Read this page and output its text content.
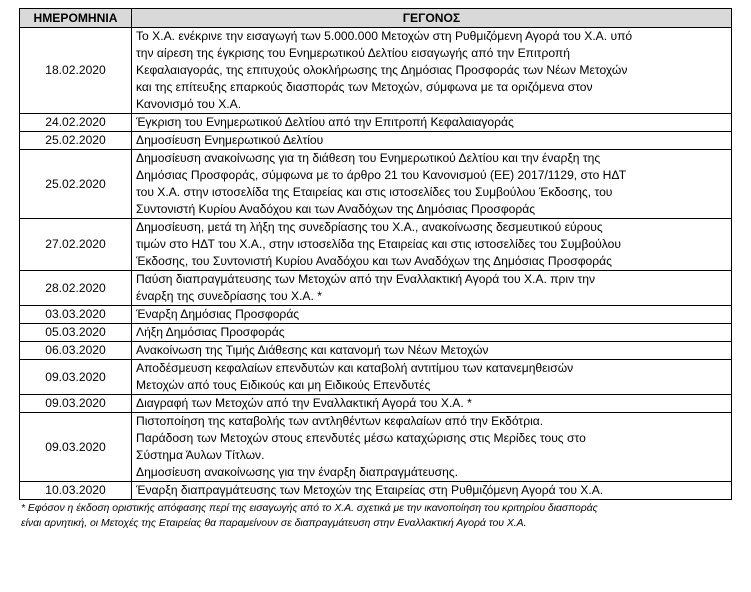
ΗΜΕΡΟΜΗΝΙΑ	ΓΕΓΟΝΟΣ
18.02.2020	Το Χ.Α. ενέκρινε την εισαγωγή των 5.000.000 Μετοχών στη Ρυθμιζόμενη Αγορά του Χ.Α. υπό
την αίρεση της έγκρισης του Ενημερωτικού Δελτίου εισαγωγής από την Επιτροπή
Κεφαλαιαγοράς, της επιτυχούς ολοκλήρωσης της Δημόσιας Προσφοράς των Νέων Μετοχών
και της επίτευξης επαρκούς διασποράς των Μετοχών, σύμφωνα με τα οριζόμενα στον
Κανονισμό του Χ.Α.

24.02.2020	Έγκριση του Ενημερωτικού Δελτίου από την Επιτροπή Κεφαλαιαγοράς

25.02.2020	Δημοσίευση Ενημερωτικού Δελτίου

25.02.2020	Δημοσίευση ανακοίνωσης για τη διάθεση του Ενημερωτικού Δελτίου και την έναρξη της
Δημόσιας Προσφοράς, σύμφωνα με το άρθρο 21 του Κανονισμού (ΕΕ) 2017/1129, στο ΗΔΤ
του Χ.Α. στην ιστοσελίδα της Εταιρείας και στις ιστοσελίδες του Συμβούλου Έκδοσης, του
Συντονιστή Κυρίου Αναδόχου και των Αναδόχων της Δημόσιας Προσφοράς

27.02.2020	Δημοσίευση, μετά τη λήξη της συνεδρίασης του Χ.Α., ανακοίνωσης δεσμευτικού εύρους
τιμών στο ΗΔΤ του Χ.Α., στην ιστοσελίδα της Εταιρείας και στις ιστοσελίδες του Συμβούλου
Έκδοσης, του Συντονιστή Κυρίου Αναδόχου και των Αναδόχων της Δημόσιας Προσφοράς

28.02.2020	Παύση διαπραγμάτευσης των Μετοχών από την Εναλλακτική Αγορά του Χ.Α. πριν την
έναρξη της συνεδρίασης του Χ.Α. *

03.03.2020	Έναρξη Δημόσιας Προσφοράς

05.03.2020	Λήξη Δημόσιας Προσφοράς

06.03.2020	Ανακοίνωση της Τιμής Διάθεσης και κατανομή των Νέων Μετοχών

09.03.2020	Αποδέσμευση κεφαλαίων επενδυτών και καταβολή αντιτίμου των κατανεμηθεισών
Μετοχών από τους Ειδικούς και μη Ειδικούς Επενδυτές

09.03.2020	Διαγραφή των Μετοχών από την Εναλλακτική Αγορά του Χ.Α. *

09.03.2020	Πιστοποίηση της καταβολής των αντληθέντων κεφαλαίων από την Εκδότρια.
Παράδοση των Μετοχών στους επενδυτές μέσω καταχώρισης στις Μερίδες τους στο
Σύστημα Άυλων Τίτλων.
Δημοσίευση ανακοίνωσης για την έναρξη διαπραγμάτευσης.

10.03.2020	Έναρξη διαπραγμάτευσης των Μετοχών της Εταιρείας στη Ρυθμιζόμενη Αγορά του Χ.Α.
* Εφόσον η έκδοση οριστικής απόφασης περί της εισαγωγής από το Χ.Α. σχετικά με την ικανοποίηση του κριτηρίου διασποράς
είναι αρνητική, οι Μετοχές της Εταιρείας θα παραμείνουν σε διαπραγμάτευση στην Εναλλακτική Αγορά του Χ.Α.
